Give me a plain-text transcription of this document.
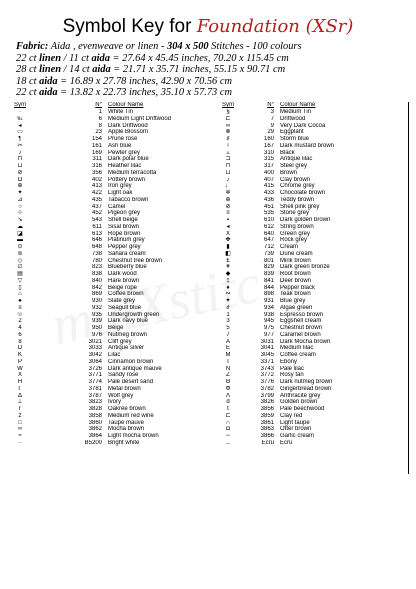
Symbol Key for Foundation (XSr)
Fabric: Aida , evenweave or linen - 304 x 500 Stitches - 100 colours
22 ct linen / 11 ct aida = 27.64 x 45.45 inches, 70.20 x 115.45 cm
28 ct linen / 14 ct aida = 21.71 x 35.71 inches, 55.15 x 90.71 cm
18 ct aida = 16.89 x 27.78 inches, 42.90 x 70.56 cm
22 ct aida = 13.82 x 22.73 inches, 35.10 x 57.73 cm
Sym	N°	Colour Name
·	1	White Tin
℡	6	Medium Light Driftwood
◂	8	Dark Driftwood
▭	23	Apple Blossom
¶	154	Prune rose
✂	161	Ash blue
♪	169	Pewter grey
⊓	311	Dark polar blue
⊔	316	Heather lilac
⊘	356	Medium terracotta
Ω	402	Pottery brown
⊕	413	Iron grey
✦	422	Light oak
⊿	435	Tabacco brown
○	437	Camel
⊹	452	Pigeon grey
↘	543	Shell beige
☁	611	Sisal brown
◪	613	Rope brown
▬	646	Platinum grey
⊙	648	Pepper grey
≋	738	Sahara cream
◇	780	Chestnut tree brown
∅	823	Blueberry blue
▤	838	Dark wood
▽	840	Hare brown
▯	842	Beige rope
⌂	869	Coffee brown
♠	930	Slate grey
≡	932	Seagull blue
☉	935	Undergrowth green
2	939	Dark navy blue
4	950	Beige
6	976	Nutmeg brown
8	3021	Cliff grey
D	3033	Antique silver
K	3042	Lilac
P	3064	Cinnamon brown
W	3726	Dark antique mauve
X	3771	Sandy rose
H	3774	Pale desert sand
Γ	3781	Metal brown
Δ	3787	Wolf grey
⊥	3823	Ivory
r	3828	Oakree brown
z	3858	Medium red wine
□	3860	Taupe mauve
∞	3862	Mocha brown
≈	3864	Light mocha brown
··	B5200	Bright white
Sym	N°	Colour Name
§	3	Medium Tin
⊏	7	Driftwood
∞	9	Very Dark Cocoa
⊗	29	Eggplant
♯	160	Storm blue
♮	167	Dark mustard brown
▵	310	Black
⊐	315	Antique lilac
⊓	317	Steel grey
⊔	400	Brown
♪	407	Clay brown
♩	415	Chrome grey
✲	433	Chocolate brown
⊕	436	Teddy brown
⊘	451	Shell pink grey
≡	535	Stone grey
▪	610	Dark golden brown
◂	612	String brown
X	640	Green grey
✤	647	Rock grey
▮	712	Cream
◧	739	Dune cream
£	801	Mink brown
¥	829	Dark green bronze
◆	839	Root brown
‡	841	Deer brown
♦	844	Pepper black
∾	898	Teak brown
✦	931	Blue grey
∂	934	Algae green
1	938	Espresso brown
3	945	Eggshell cream
5	975	Chestnut brown
7	977	Caramel brown
A	3031	Dark Mocha brown
E	3041	Medium lilac
M	3045	Coffee cream
T	3371	Ebony
N	3743	Pale lilac
Z	3772	Rosy tan
Θ	3776	Dark nutmeg brown
Φ	3782	Gingerbread brown
Λ	3799	Anthracite grey
d	3826	Golden brown
t	3856	Pale beechwood
⊏	3859	Clay red
∩	3861	Light taupe
◘	3863	Otter brown
∽	3866	Garlic cream
‥	Ecru	Ecru
